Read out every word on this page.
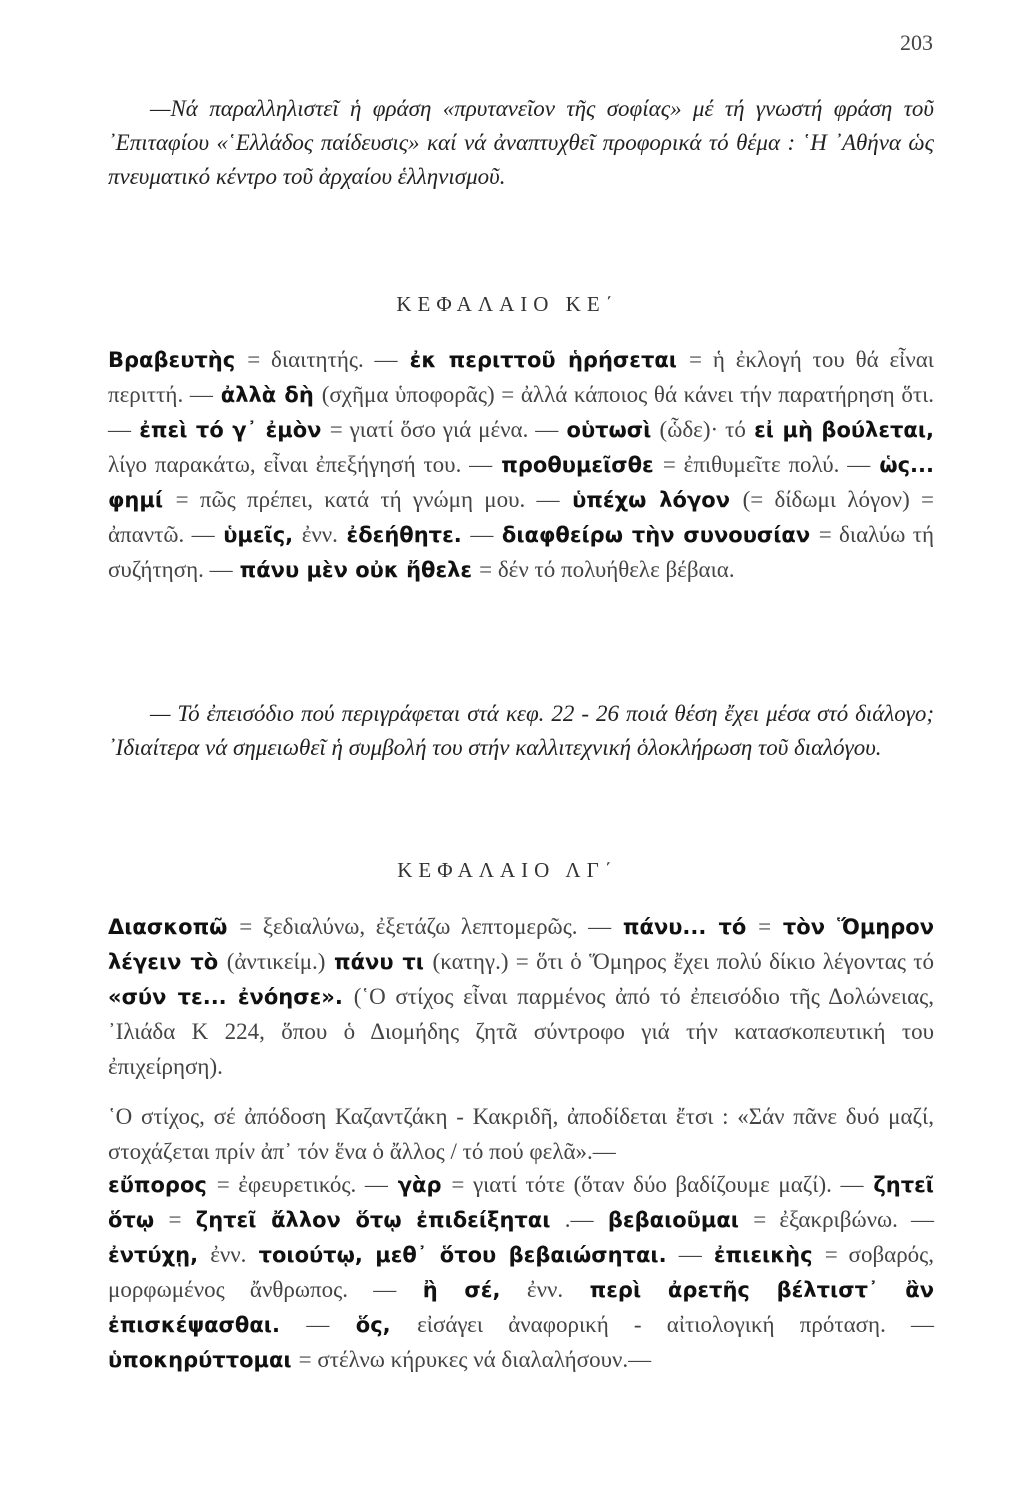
203

—Νά παραλληλιστεῖ ἡ φράση «πρυτανεῖον τῆς σοφίας» μέ τή γνωστή φράση τοῦ ᾿Επιταφίου «῾Ελλάδος παίδευσις» καί νά ἀναπτυχθεῖ προφορικά τό θέμα : ῾Η ᾿Αθήνα ὡς πνευματικό κέντρο τοῦ ἀρχαίου ἑλληνισμοῦ.

ΚΕΦΑΛΑΙΟ ΚΕ΄

Βραβευτὴς = διαιτητής. — ἐκ περιττοῦ ἡρήσεται = ἡ ἐκλογή του θά εἶναι περιττή. — ἀλλὰ δὴ (σχῆμα ὑποφορᾶς) = ἀλλά κάποιος θά κάνει τήν παρατήρηση ὅτι. — ἐπεὶ τό γ᾽ ἐμὸν = γιατί ὅσο γιά μένα. — οὑτωσὶ (ὧδε)· τό εἰ μὴ βούλεται, λίγο παρακάτω, εἶναι ἐπεξήγησή του. — προθυμεῖσθε = ἐπιθυμεῖτε πολύ. — ὡς... φημί = πῶς πρέπει, κατά τή γνώμη μου. — ὑπέχω λόγον (= δίδωμι λόγον) = ἀπαντῶ. — ὑμεῖς, ἐνν. ἐδεήθητε. — διαφθείρω τὴν συνουσίαν = διαλύω τή συζήτηση. — πάνυ μὲν οὐκ ἤθελε = δέν τό πολυήθελε βέβαια.

— Τό ἐπεισόδιο πού περιγράφεται στά κεφ. 22 - 26 ποιά θέση ἔχει μέσα στό διάλογο; ᾿Ιδιαίτερα νά σημειωθεῖ ἡ συμβολή του στήν καλλιτεχνική ὁλοκλήρωση τοῦ διαλόγου.

ΚΕΦΑΛΑΙΟ ΛΓ΄

Διασκοπῶ = ξεδιαλύνω, ἐξετάζω λεπτομερῶς. — πάνυ... τό = τὸν Ὅμηρον λέγειν τὸ (ἀντικείμ.) πάνυ τι (κατηγ.) = ὅτι ὁ Ὅμηρος ἔχει πολύ δίκιο λέγοντας τό «σύν τε... ἐνόησε». (῾Ο στίχος εἶναι παρμένος ἀπό τό ἐπεισόδιο τῆς Δολώνειας, ᾿Ιλιάδα Κ 224, ὅπου ὁ Διομήδης ζητᾶ σύντροφο γιά τήν κατασκοπευτική του ἐπιχείρηση).

῾Ο στίχος, σέ ἀπόδοση Καζαντζάκη - Κακριδῆ, ἀποδίδεται ἔτσι : «Σάν πᾶνε δυό μαζί, στοχάζεται πρίν ἀπ᾽ τόν ἕνα ὁ ἄλλος / τό πού φελᾶ».—

εὔπορος = ἐφευρετικός. — γὰρ = γιατί τότε (ὅταν δύο βαδίζουμε μαζί). — ζητεῖ ὅτῳ = ζητεῖ ἄλλον ὅτῳ ἐπιδείξηται .— βεβαιοῦμαι = ἐξακριβώνω. — ἐντύχῃ, ἐνν. τοιούτῳ, μεθ᾽ ὅτου βεβαιώσηται. — ἐπιεικὴς = σοβαρός, μορφωμένος ἄνθρωπος. — ἢ σέ, ἐνν. περὶ ἀρετῆς βέλτιστ᾽ ἂν ἐπισκέψασθαι. — ὅς, εἰσάγει ἀναφορική - αἰτιολογική πρόταση. — ὑποκηρύττομαι = στέλνω κήρυκες νά διαλαλήσουν.—
